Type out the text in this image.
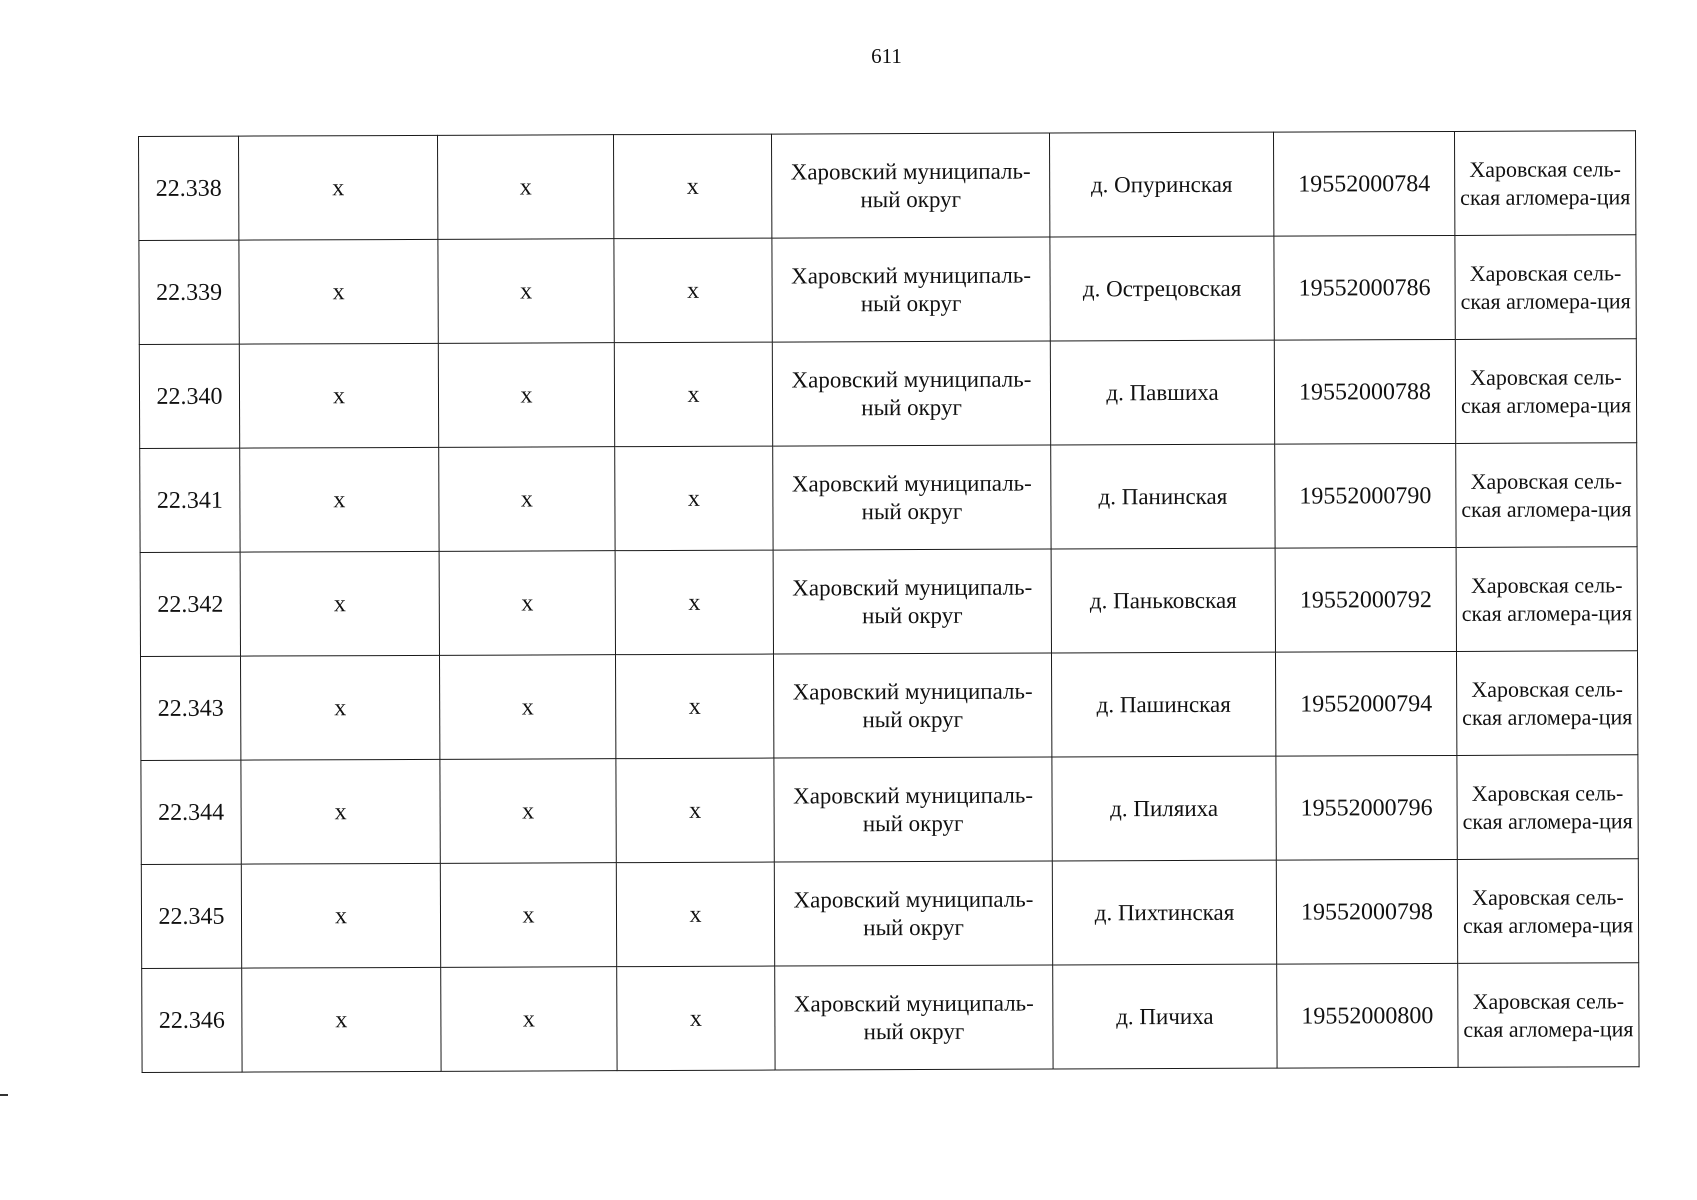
611
22.338	x	x	x	Харовский муниципаль-ный округ	д. Опуринская	19552000784	Харовская сель-ская агломера-ция
22.339	x	x	x	Харовский муниципаль-ный округ	д. Острецовская	19552000786	Харовская сель-ская агломера-ция
22.340	x	x	x	Харовский муниципаль-ный округ	д. Павшиха	19552000788	Харовская сель-ская агломера-ция
22.341	x	x	x	Харовский муниципаль-ный округ	д. Панинская	19552000790	Харовская сель-ская агломера-ция
22.342	x	x	x	Харовский муниципаль-ный округ	д. Паньковская	19552000792	Харовская сель-ская агломера-ция
22.343	x	x	x	Харовский муниципаль-ный округ	д. Пашинская	19552000794	Харовская сель-ская агломера-ция
22.344	x	x	x	Харовский муниципаль-ный округ	д. Пиляиха	19552000796	Харовская сель-ская агломера-ция
22.345	x	x	x	Харовский муниципаль-ный округ	д. Пихтинская	19552000798	Харовская сель-ская агломера-ция
22.346	x	x	x	Харовский муниципаль-ный округ	д. Пичиха	19552000800	Харовская сель-ская агломера-ция
